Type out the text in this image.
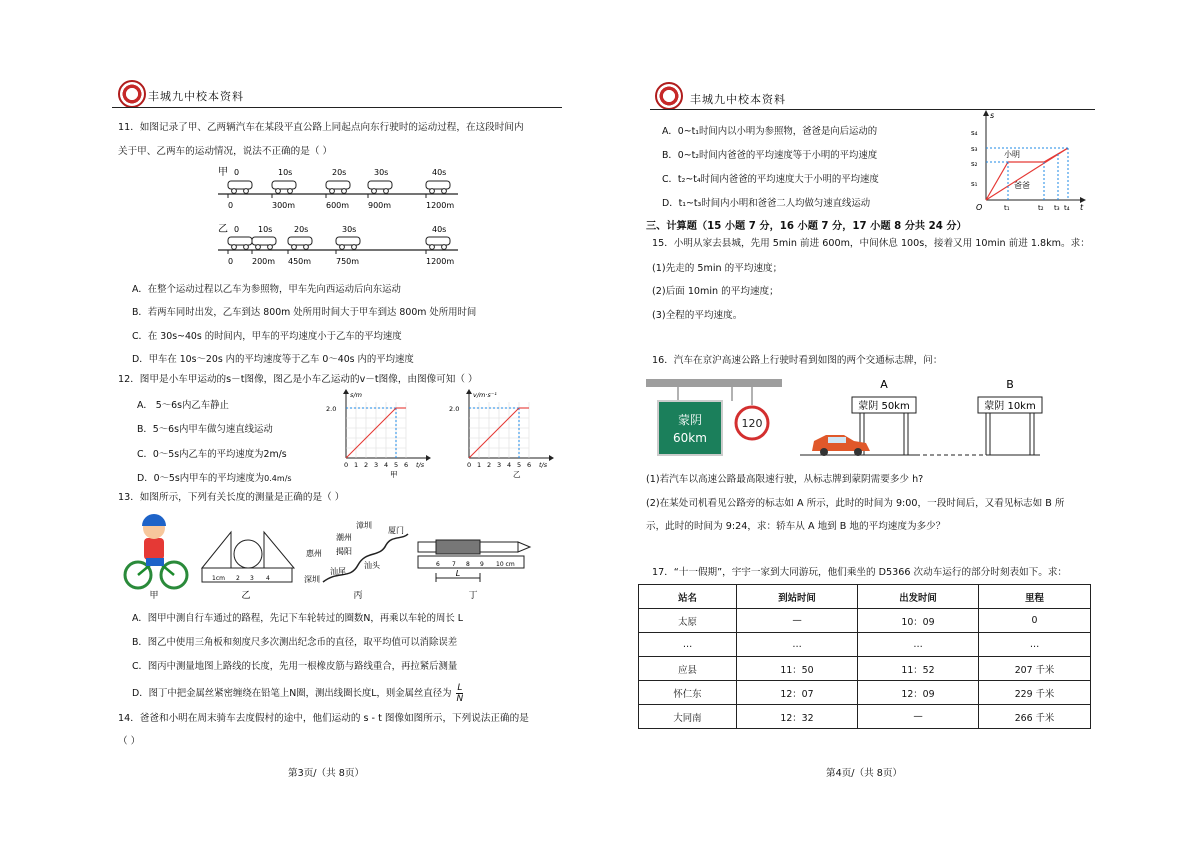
丰城九中校本资料
11．如图记录了甲、乙两辆汽车在某段平直公路上同起点向东行驶时的运动过程，在这段时间内
关于甲、乙两车的运动情况，说法不正确的是（ ）
甲
乙
0
0
10s
300m
20s
600m
30s
900m
40s
1200m
0
0
10s
200m
20s
450m
30s
750m
40s
1200m
A．在整个运动过程以乙车为参照物，甲车先向西运动后向东运动
B．若两车同时出发，乙车到达 800m 处所用时间大于甲车到达 800m 处所用时间
C．在 30s~40s 的时间内，甲车的平均速度小于乙车的平均速度
D．甲车在 10s～20s 内的平均速度等于乙车 0～40s 内的平均速度
12．图甲是小车甲运动的s－t图像，图乙是小车乙运动的v－t图像，由图像可知（ ）
A． 5～6s内乙车静止
B．5～6s内甲车做匀速直线运动
C．0～5s内乙车的平均速度为2m/s
D．0～5s内甲车的平均速度为0.4m/s
0 1 2 3 4 5 6 t/s
s/m
2.0
甲
0 1 2 3 4 5 6 t/s
v/m·s⁻¹
2.0
乙
13．如图所示，下列有关长度的测量是正确的是（ ）
甲
1cm 2 3 4
乙
漳圳
潮州
厦门
惠州 揭阳
汕头
深圳
汕尾
丙
6 7 8 9 10 cm
L
丁
A．图甲中测自行车通过的路程，先记下车轮转过的圈数N，再乘以车轮的周长 L
B．图乙中使用三角板和刻度尺多次测出纪念币的直径，取平均值可以消除误差
C．图丙中测量地图上路线的长度，先用一根橡皮筋与路线重合，再拉紧后测量
D．图丁中把金属丝紧密缠绕在铅笔上N圈，测出线圈长度L，则金属丝直径为 $\frac{L}{N}$
14．爸爸和小明在周末骑车去度假村的途中，他们运动的 s - t 图像如图所示，下列说法正确的是
（ ）
第3页/（共 8页）
丰城九中校本资料
A．0~t₁时间内以小明为参照物，爸爸是向后运动的
B．0~t₂时间内爸爸的平均速度等于小明的平均速度
C．t₂~t₄时间内爸爸的平均速度大于小明的平均速度
D．t₁~t₃时间内小明和爸爸二人均做匀速直线运动
s
t
O
s₄
s₃
s₂
s₁
t₁	t₂ t₃ t₄
小明
爸爸
三、计算题（15 小题 7 分，16 小题 7 分，17 小题 8 分共 24 分）
15．小明从家去县城，先用 5min 前进 600m，中间休息 100s，接着又用 10min 前进 1.8km。求：
(1)先走的 5min 的平均速度；
(2)后面 10min 的平均速度；
(3)全程的平均速度。
16．汽车在京沪高速公路上行驶时看到如图的两个交通标志牌，问：
蒙阴
60km
120
A	B
蒙阴 50km	蒙阴 10km
(1)若汽车以高速公路最高限速行驶，从标志牌到蒙阴需要多少 h?
(2)在某处司机看见公路旁的标志如 A 所示，此时的时间为 9:00，一段时间后，又看见标志如 B 所
示，此时的时间为 9:24，求：轿车从 A 地到 B 地的平均速度为多少？
17．“十一假期”，宇宇一家到大同游玩，他们乘坐的 D5366 次动车运行的部分时刻表如下。求：
站名	到站时间	出发时间	里程
太原	—	10：09	0
…	…	…	…
应县	11：50	11：52	207 千米
怀仁东	12：07	12：09	229 千米
大同南	12：32	—	266 千米
第4页/（共 8页）
